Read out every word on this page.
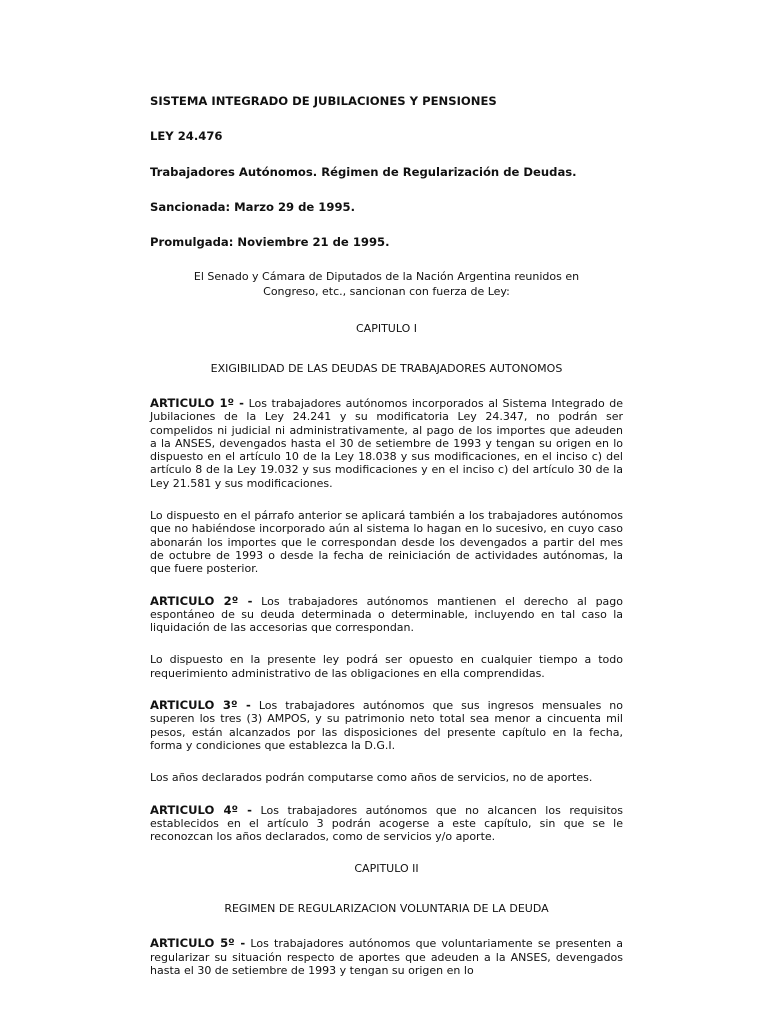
SISTEMA INTEGRADO DE JUBILACIONES Y PENSIONES

LEY 24.476

Trabajadores Autónomos. Régimen de Regularización de Deudas.

Sancionada: Marzo 29 de 1995.

Promulgada: Noviembre 21 de 1995.

El Senado y Cámara de Diputados de la Nación Argentina reunidos en
Congreso, etc., sancionan con fuerza de Ley:

CAPITULO I

EXIGIBILIDAD DE LAS DEUDAS DE TRABAJADORES AUTONOMOS

ARTICULO 1º - Los trabajadores autónomos incorporados al Sistema Integrado de Jubilaciones de la Ley 24.241 y su modificatoria Ley 24.347, no podrán ser compelidos ni judicial ni administrativamente, al pago de los importes que adeuden a la ANSES, devengados hasta el 30 de setiembre de 1993 y tengan su origen en lo dispuesto en el artículo 10 de la Ley 18.038 y sus modificaciones, en el inciso c) del artículo 8 de la Ley 19.032 y sus modificaciones y en el inciso c) del artículo 30 de la Ley 21.581 y sus modificaciones.

Lo dispuesto en el párrafo anterior se aplicará también a los trabajadores autónomos que no habiéndose incorporado aún al sistema lo hagan en lo sucesivo, en cuyo caso abonarán los importes que le correspondan desde los devengados a partir del mes de octubre de 1993 o desde la fecha de reiniciación de actividades autónomas, la que fuere posterior.

ARTICULO 2º - Los trabajadores autónomos mantienen el derecho al pago espontáneo de su deuda determinada o determinable, incluyendo en tal caso la liquidación de las accesorias que correspondan.

Lo dispuesto en la presente ley podrá ser opuesto en cualquier tiempo a todo requerimiento administrativo de las obligaciones en ella comprendidas.

ARTICULO 3º - Los trabajadores autónomos que sus ingresos mensuales no superen los tres (3) AMPOS, y su patrimonio neto total sea menor a cincuenta mil pesos, están alcanzados por las disposiciones del presente capítulo en la fecha, forma y condiciones que establezca la D.G.I.

Los años declarados podrán computarse como años de servicios, no de aportes.

ARTICULO 4º - Los trabajadores autónomos que no alcancen los requisitos establecidos en el artículo 3 podrán acogerse a este capítulo, sin que se le reconozcan los años declarados, como de servicios y/o aporte.

CAPITULO II

REGIMEN DE REGULARIZACION VOLUNTARIA DE LA DEUDA

ARTICULO 5º - Los trabajadores autónomos que voluntariamente se presenten a regularizar su situación respecto de aportes que adeuden a la ANSES, devengados hasta el 30 de setiembre de 1993 y tengan su origen en lo
